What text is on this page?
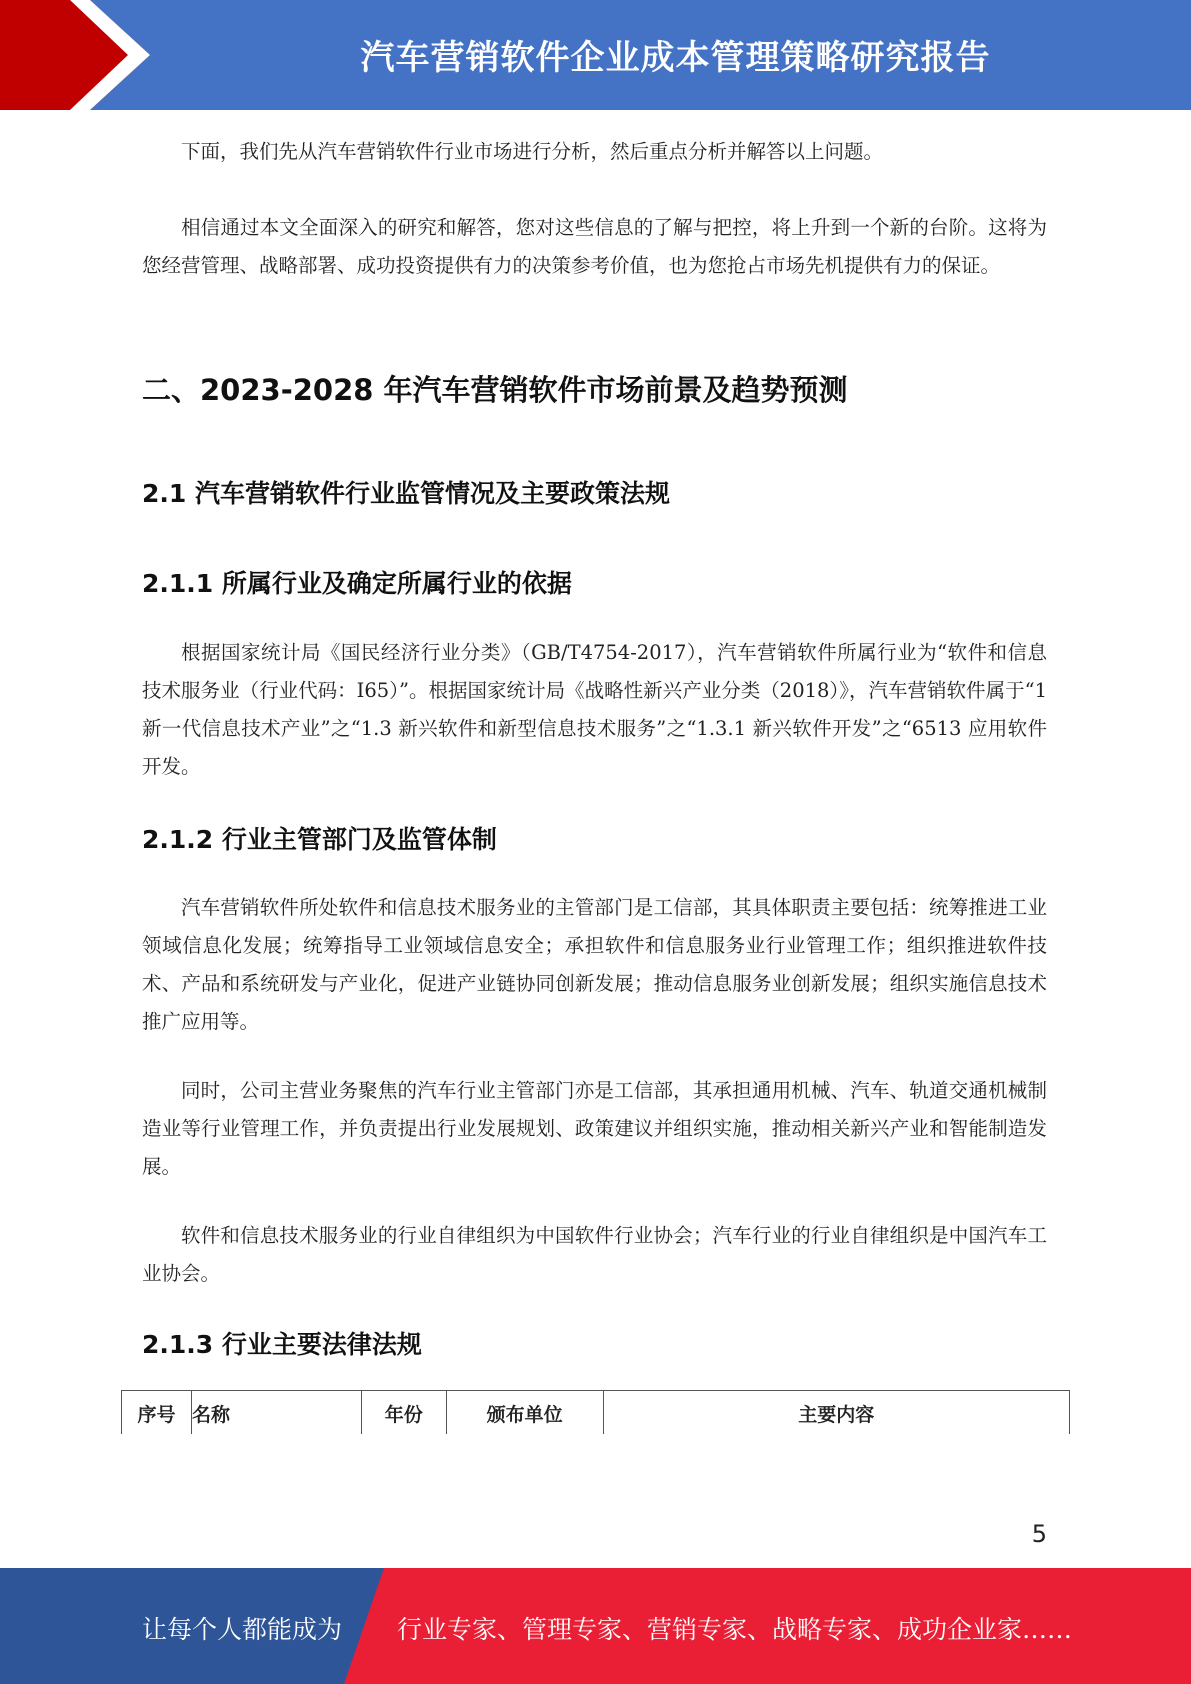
汽车营销软件企业成本管理策略研究报告

下面，我们先从汽车营销软件行业市场进行分析，然后重点分析并解答以上问题。

相信通过本文全面深入的研究和解答，您对这些信息的了解与把控，将上升到一个新的台阶。这将为您经营管理、战略部署、成功投资提供有力的决策参考价值，也为您抢占市场先机提供有力的保证。

二、2023-2028 年汽车营销软件市场前景及趋势预测
2.1 汽车营销软件行业监管情况及主要政策法规
2.1.1 所属行业及确定所属行业的依据

根据国家统计局《国民经济行业分类》（GB/T4754-2017），汽车营销软件所属行业为“软件和信息技术服务业（行业代码：I65）”。根据国家统计局《战略性新兴产业分类（2018）》，汽车营销软件属于“1 新一代信息技术产业”之“1.3 新兴软件和新型信息技术服务”之“1.3.1 新兴软件开发”之“6513 应用软件开发。

2.1.2 行业主管部门及监管体制

汽车营销软件所处软件和信息技术服务业的主管部门是工信部，其具体职责主要包括：统筹推进工业领域信息化发展；统筹指导工业领域信息安全；承担软件和信息服务业行业管理工作；组织推进软件技术、产品和系统研发与产业化，促进产业链协同创新发展；推动信息服务业创新发展；组织实施信息技术推广应用等。

同时，公司主营业务聚焦的汽车行业主管部门亦是工信部，其承担通用机械、汽车、轨道交通机械制造业等行业管理工作，并负责提出行业发展规划、政策建议并组织实施，推动相关新兴产业和智能制造发展。

软件和信息技术服务业的行业自律组织为中国软件行业协会；汽车行业的行业自律组织是中国汽车工业协会。

2.1.3 行业主要法律法规
序号	名称	年份	颁布单位	主要内容
5
让每个人都能成为 行业专家、管理专家、营销专家、战略专家、成功企业家……
